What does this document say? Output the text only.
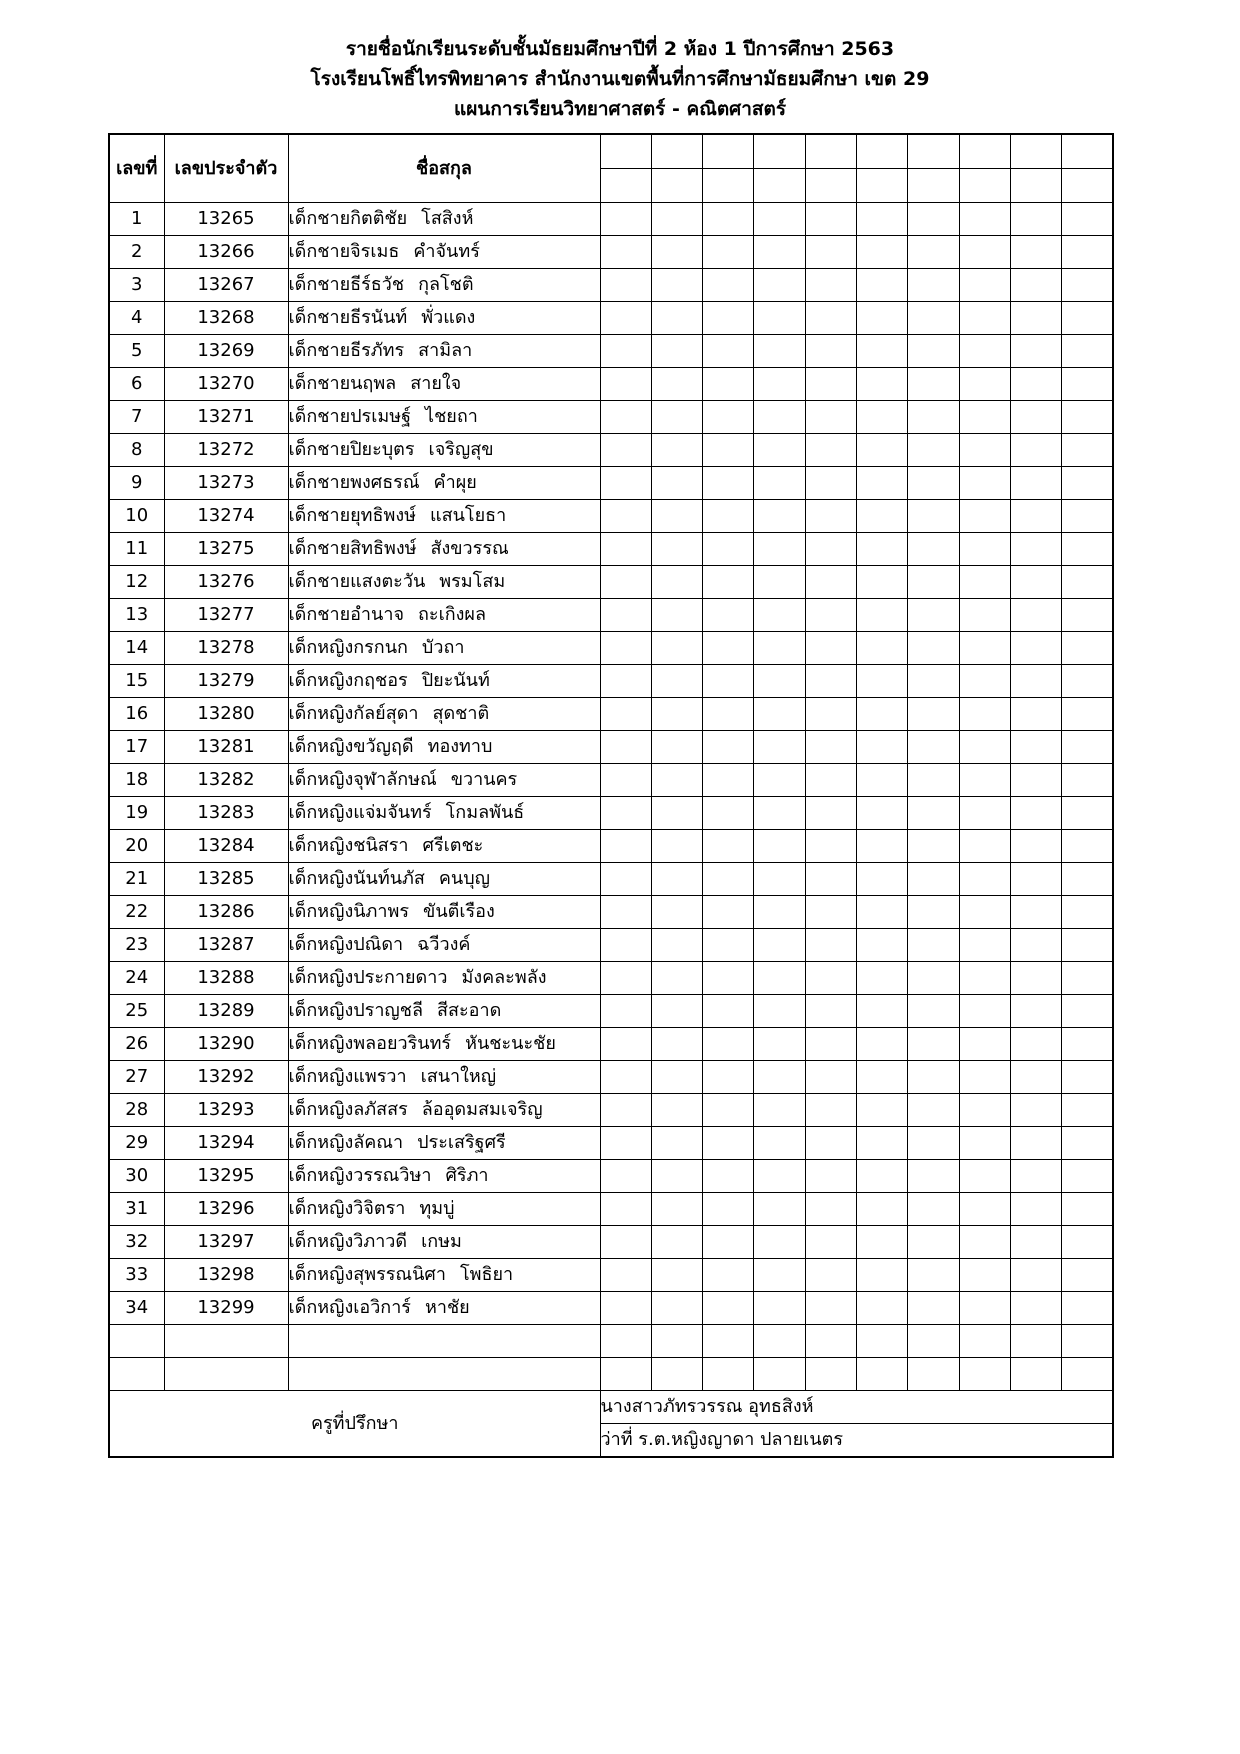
รายชื่อนักเรียนระดับชั้นมัธยมศึกษาปีที่ 2 ห้อง 1 ปีการศึกษา 2563
โรงเรียนโพธิ์ไทรพิทยาคาร สำนักงานเขตพื้นที่การศึกษามัธยมศึกษา เขต 29
แผนการเรียนวิทยาศาสตร์ - คณิตศาสตร์
เลขที่	เลขประจำตัว	ชื่อสกุล										

1	13265	เด็กชายกิตติชัย โสสิงห์										
2	13266	เด็กชายจิรเมธ คำจันทร์										
3	13267	เด็กชายธีร์ธวัช กุลโชติ										
4	13268	เด็กชายธีรนันท์ พั่วแดง										
5	13269	เด็กชายธีรภัทร สามิลา										
6	13270	เด็กชายนฤพล สายใจ										
7	13271	เด็กชายปรเมษฐ์ ไชยถา										
8	13272	เด็กชายปิยะบุตร เจริญสุข										
9	13273	เด็กชายพงศธรณ์ คำผุย										
10	13274	เด็กชายยุทธิพงษ์ แสนโยธา										
11	13275	เด็กชายสิทธิพงษ์ สังขวรรณ										
12	13276	เด็กชายแสงตะวัน พรมโสม										
13	13277	เด็กชายอำนาจ ถะเกิงผล										
14	13278	เด็กหญิงกรกนก บัวถา										
15	13279	เด็กหญิงกฤชอร ปิยะนันท์										
16	13280	เด็กหญิงกัลย์สุดา สุดชาติ										
17	13281	เด็กหญิงขวัญฤดี ทองทาบ										
18	13282	เด็กหญิงจุฬาลักษณ์ ขวานคร										
19	13283	เด็กหญิงแจ่มจันทร์ โกมลพันธ์										
20	13284	เด็กหญิงชนิสรา ศรีเตชะ										
21	13285	เด็กหญิงนันท์นภัส คนบุญ										
22	13286	เด็กหญิงนิภาพร ขันตีเรือง										
23	13287	เด็กหญิงปณิดา ฉวีวงค์										
24	13288	เด็กหญิงประกายดาว มังคละพลัง										
25	13289	เด็กหญิงปราญชลี สีสะอาด										
26	13290	เด็กหญิงพลอยวรินทร์ หันชะนะชัย										
27	13292	เด็กหญิงแพรวา เสนาใหญ่										
28	13293	เด็กหญิงลภัสสร ล้ออุดมสมเจริญ										
29	13294	เด็กหญิงลัคณา ประเสริฐศรี										
30	13295	เด็กหญิงวรรณวิษา ศิริภา										
31	13296	เด็กหญิงวิจิตรา ทุมบู่										
32	13297	เด็กหญิงวิภาวดี เกษม										
33	13298	เด็กหญิงสุพรรณนิศา โพธิยา										
34	13299	เด็กหญิงเอวิการ์ หาชัย										

ครูที่ปรึกษา			นางสาวภัทรวรรณ อุทธสิงห์									
			ว่าที่ ร.ต.หญิงญาดา ปลายเนตร									
